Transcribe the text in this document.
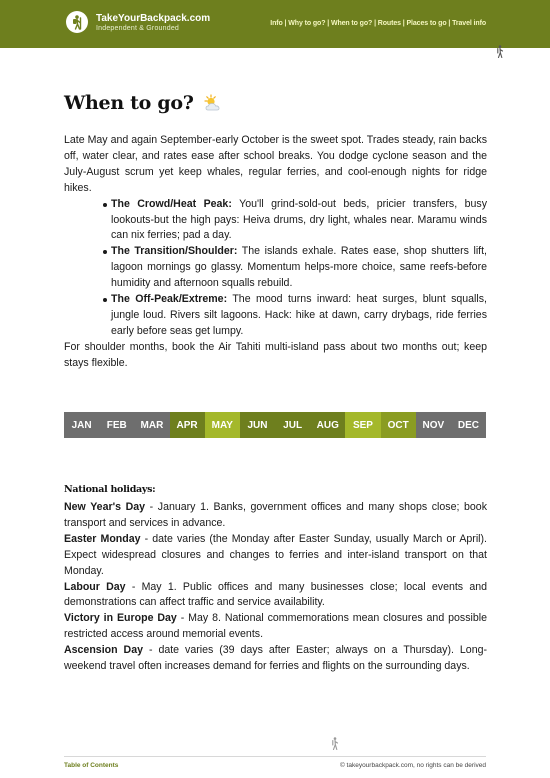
TakeYourBackpack.com
Independent & Grounded
Info | Why to go? | When to go? | Routes | Places to go | Travel info
When to go?

Late May and again September-early October is the sweet spot. Trades steady, rain backs off, water clear, and rates ease after school breaks. You dodge cyclone season and the July-August scrum yet keep whales, regular ferries, and cool-enough nights for ridge hikes.

The Crowd/Heat Peak: You'll grind-sold-out beds, pricier transfers, busy lookouts-but the high pays: Heiva drums, dry light, whales near. Maramu winds can nix ferries; pad a day.
The Transition/Shoulder: The islands exhale. Rates ease, shop shutters lift, lagoon mornings go glassy. Momentum helps-more choice, same reefs-before humidity and afternoon squalls rebuild.
The Off-Peak/Extreme: The mood turns inward: heat surges, blunt squalls, jungle loud. Rivers silt lagoons. Hack: hike at dawn, carry drybags, ride ferries early before seas get lumpy.

For shoulder months, book the Air Tahiti multi-island pass about two months out; keep stays flexible.

JAN	FEB	MAR	APR	MAY	JUN	JUL	AUG	SEP	OCT	NOV	DEC
National holidays:
New Year's Day - January 1. Banks, government offices and many shops close; book transport and services in advance.
Easter Monday - date varies (the Monday after Easter Sunday, usually March or April). Expect widespread closures and changes to ferries and inter-island transport on that Monday.
Labour Day - May 1. Public offices and many businesses close; local events and demonstrations can affect traffic and service availability.
Victory in Europe Day - May 8. National commemorations mean closures and possible restricted access around memorial events.
Ascension Day - date varies (39 days after Easter; always on a Thursday). Long-weekend travel often increases demand for ferries and flights on the surrounding days.
Table of Contents	© takeyourbackpack.com, no rights can be derived
